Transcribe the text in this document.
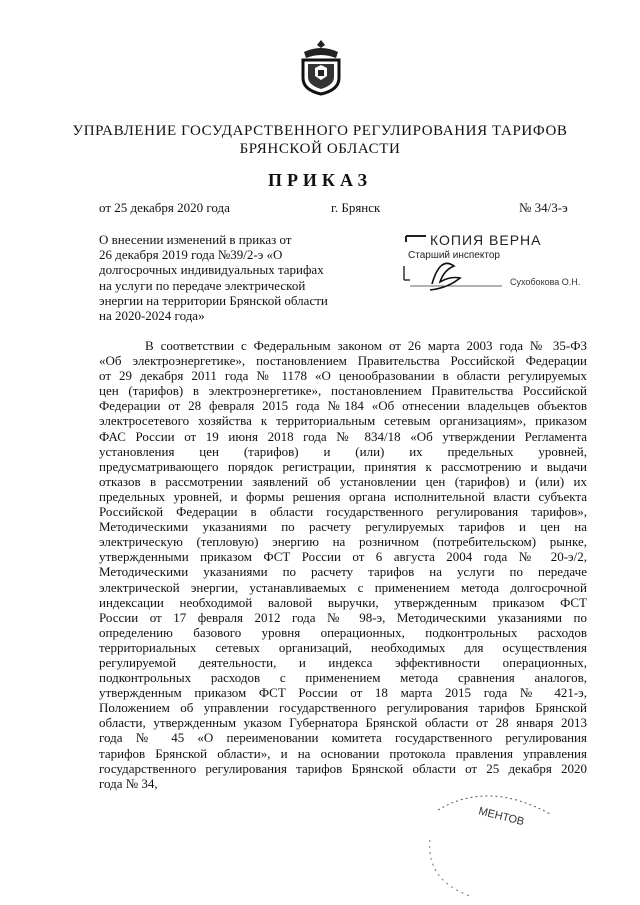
УПРАВЛЕНИЕ ГОСУДАРСТВЕННОГО РЕГУЛИРОВАНИЯ ТАРИФОВ
БРЯНСКОЙ ОБЛАСТИ
ПРИКАЗ
от 25 декабря 2020 года	г. Брянск	№ 34/3-э
О внесении изменений в приказ от
26 декабря 2019 года №39/2-э «О
долгосрочных индивидуальных тарифах
на услуги по передаче электрической
энергии на территории Брянской области
на 2020-2024 года»
КОПИЯ ВЕРНА
Старший инспектор
Сухобокова О.Н.
В соответствии с Федеральным законом от 26 марта 2003 года № 35-ФЗ
«Об электроэнергетике», постановлением Правительства Российской Федерации
от 29 декабря 2011 года № 1178 «О ценообразовании в области регулируемых
цен (тарифов) в электроэнергетике», постановлением Правительства Российской
Федерации от 28 февраля 2015 года №184 «Об отнесении владельцев объектов
электросетевого хозяйства к территориальным сетевым организациям», приказом
ФАС России от 19 июня 2018 года № 834/18 «Об утверждении Регламента
установления цен (тарифов) и (или) их предельных уровней,
предусматривающего порядок регистрации, принятия к рассмотрению и выдачи
отказов в рассмотрении заявлений об установлении цен (тарифов) и (или) их
предельных уровней, и формы решения органа исполнительной власти субъекта
Российской Федерации в области государственного регулирования тарифов»,
Методическими указаниями по расчету регулируемых тарифов и цен на
электрическую (тепловую) энергию на розничном (потребительском) рынке,
утвержденными приказом ФСТ России от 6 августа 2004 года № 20-э/2,
Методическими указаниями по расчету тарифов на услуги по передаче
электрической энергии, устанавливаемых с применением метода долгосрочной
индексации необходимой валовой выручки, утвержденным приказом ФСТ
России от 17 февраля 2012 года № 98-э, Методическими указаниями по
определению базового уровня операционных, подконтрольных расходов
территориальных сетевых организаций, необходимых для осуществления
регулируемой деятельности, и индекса эффективности операционных,
подконтрольных расходов с применением метода сравнения аналогов,
утвержденным приказом ФСТ России от 18 марта 2015 года № 421-э,
Положением об управлении государственного регулирования тарифов Брянской
области, утвержденным указом Губернатора Брянской области от 28 января 2013
года № 45 «О переименовании комитета государственного регулирования
тарифов Брянской области», и на основании протокола правления управления
государственного регулирования тарифов Брянской области от 25 декабря 2020
года № 34,
МЕНТОВ
